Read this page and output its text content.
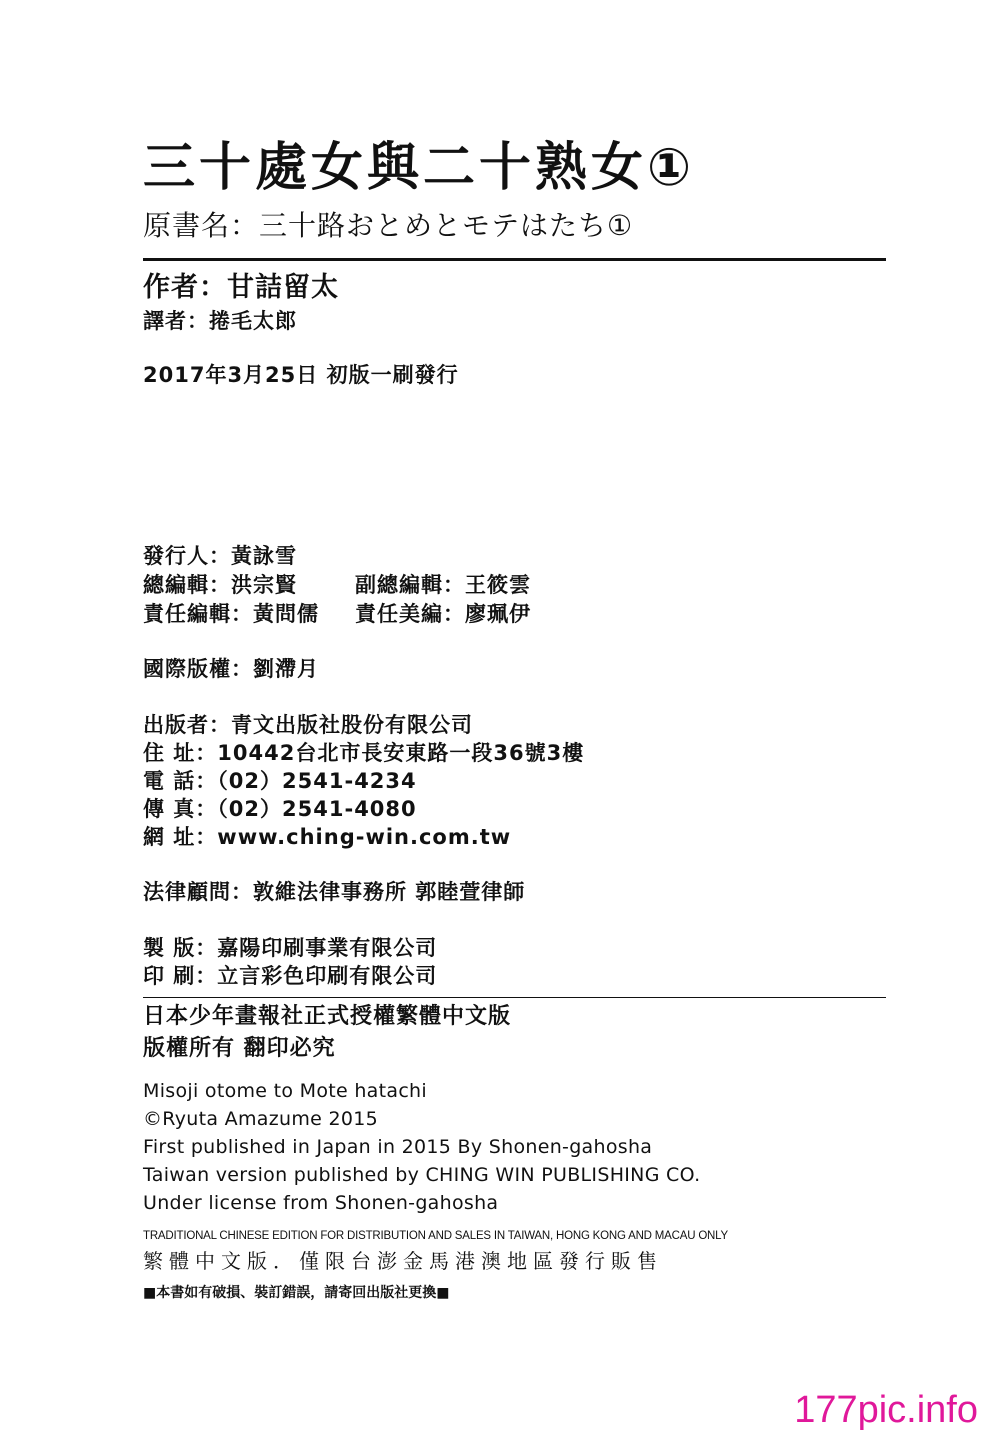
三十處女與二十熟女①
原書名：三十路おとめとモテはたち①
作者：甘詰留太
譯者：捲毛太郎
2017年3月25日 初版一刷發行
發行人：黃詠雪
總編輯：洪宗賢	副總編輯：王筱雲
責任編輯：黃問儒 責任美編：廖珮伊
國際版權：劉滯月
出版者：青文出版社股份有限公司
住 址：10442台北市長安東路一段36號3樓
電 話：（02）2541-4234
傳 真：（02）2541-4080
網 址：www.ching-win.com.tw
法律顧問：敦維法律事務所 郭睦萱律師
製 版：嘉陽印刷事業有限公司
印 刷：立言彩色印刷有限公司
日本少年畫報社正式授權繁體中文版
版權所有 翻印必究
Misoji otome to Mote hatachi
©Ryuta Amazume 2015
First published in Japan in 2015 By Shonen-gahosha
Taiwan version published by CHING WIN PUBLISHING CO.
Under license from Shonen-gahosha
TRADITIONAL CHINESE EDITION FOR DISTRIBUTION AND SALES IN TAIWAN, HONG KONG AND MACAU ONLY
繁體中文版．僅限台澎金馬港澳地區發行販售
■本書如有破損、裝訂錯誤，請寄回出版社更換■
177pic.info
